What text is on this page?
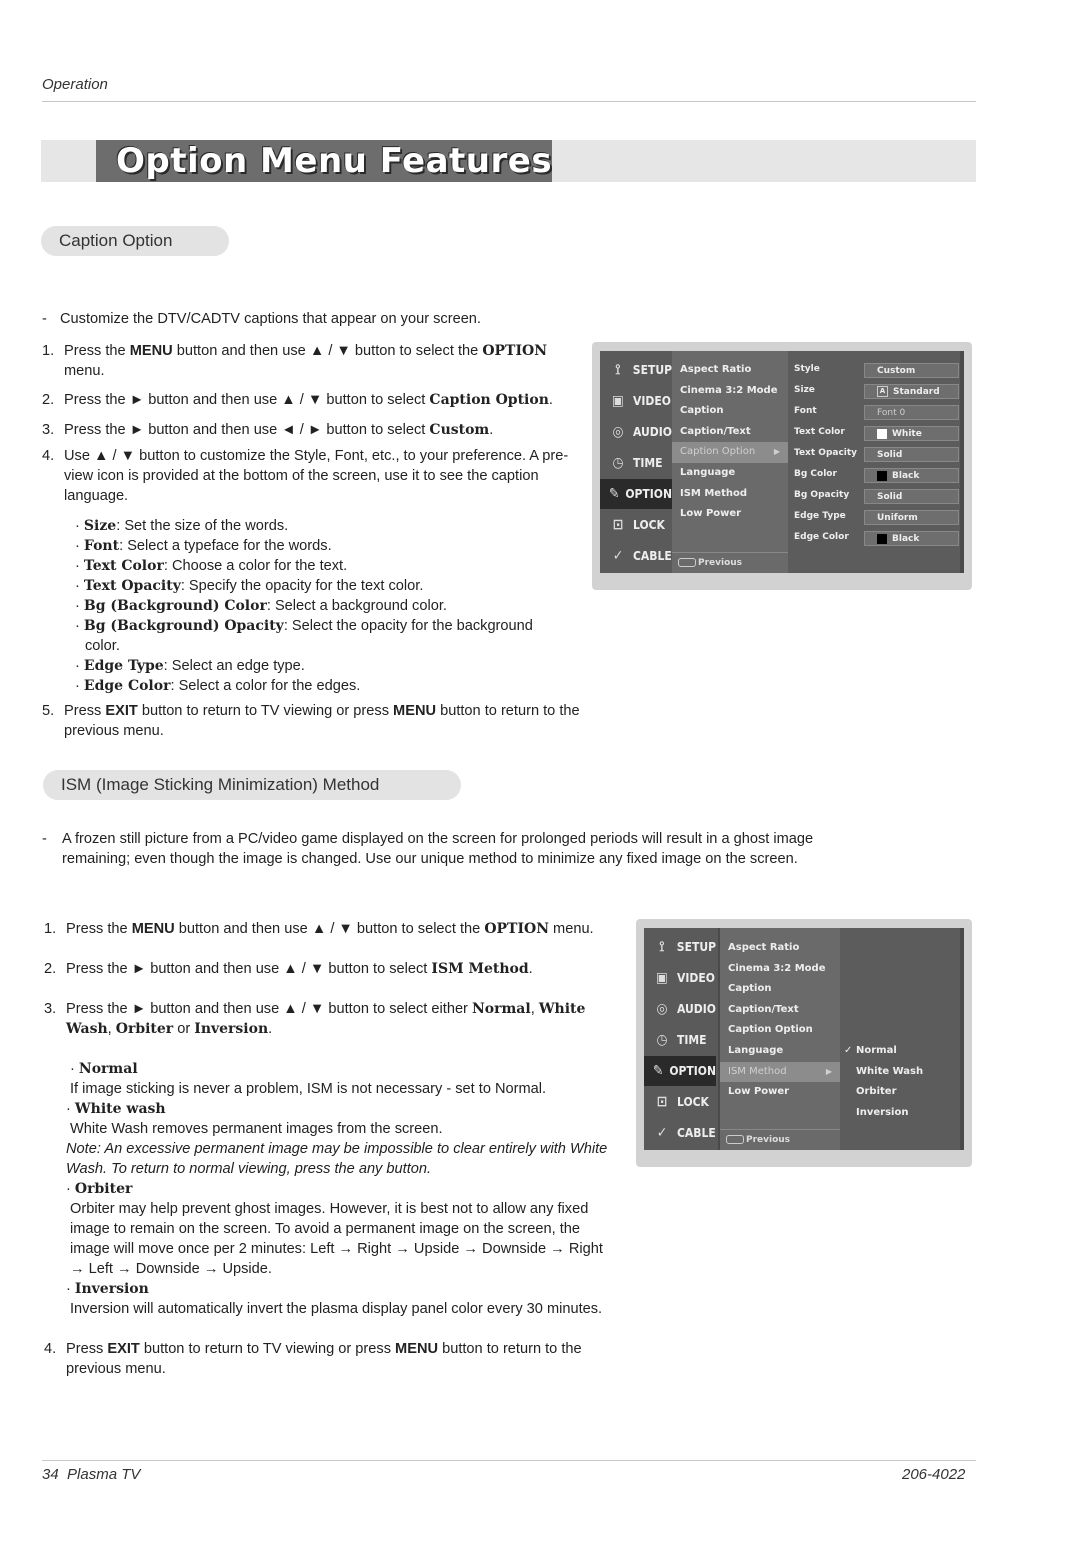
Operation
Option Menu Features
Caption Option
- Customize the DTV/CADTV captions that appear on your screen.
1. Press the MENU button and then use ▲ / ▼ button to select the OPTION menu.
2. Press the ► button and then use ▲ / ▼ button to select Caption Option.
3. Press the ► button and then use ◄ / ► button to select Custom.
4. Use ▲ / ▼ button to customize the Style, Font, etc., to your preference. A pre-view icon is provided at the bottom of the screen, use it to see the caption language.
· Size: Set the size of the words.
· Font: Select a typeface for the words.
· Text Color: Choose a color for the text.
· Text Opacity: Specify the opacity for the text color.
· Bg (Background) Color: Select a background color.
· Bg (Background) Opacity: Select the opacity for the background color.
· Edge Type: Select an edge type.
· Edge Color: Select a color for the edges.
5. Press EXIT button to return to TV viewing or press MENU button to return to the previous menu.
⟟	SETUP
▣ VIDEO
◎ AUDIO
◷ TIME
✎ OPTION
⊡ LOCK
✓ CABLE
Aspect Ratio
Cinema 3:2 Mode
Caption
Caption/Text
Caption Option ▶
Language
ISM Method
Low Power
Previous
Style	Custom
Size	A Standard
Font	Font 0
Text Color	White
Text Opacity	Solid
Bg Color	Black
Bg Opacity	Solid
Edge Type	Uniform
Edge Color	Black
ISM (Image Sticking Minimization) Method
-	A frozen still picture from a PC/video game displayed on the screen for prolonged periods will result in a ghost image remaining; even though the image is changed. Use our unique method to minimize any fixed image on the screen.
1. Press the MENU button and then use ▲ / ▼ button to select the OPTION menu.
2. Press the ► button and then use ▲ / ▼ button to select ISM Method.
3. Press the ► button and then use ▲ / ▼ button to select either Normal, White Wash, Orbiter or Inversion.
· Normal
If image sticking is never a problem, ISM is not necessary - set to Normal.
· White wash
White Wash removes permanent images from the screen.
Note: An excessive permanent image may be impossible to clear entirely with White Wash. To return to normal viewing, press the any button.
· Orbiter
Orbiter may help prevent ghost images. However, it is best not to allow any fixed image to remain on the screen. To avoid a permanent image on the screen, the image will move once per 2 minutes: Left → Right → Upside → Downside → Right → Left → Downside → Upside.
· Inversion
Inversion will automatically invert the plasma display panel color every 30 minutes.
4. Press EXIT button to return to TV viewing or press MENU button to return to the previous menu.
⟟	SETUP
▣ VIDEO
◎ AUDIO
◷ TIME
✎ OPTION
⊡ LOCK
✓ CABLE
Aspect Ratio
Cinema 3:2 Mode
Caption
Caption/Text
Caption Option
Language
ISM Method	▶
Low Power
Previous
✓ Normal
White Wash
Orbiter
Inversion
34 Plasma TV	206-4022
